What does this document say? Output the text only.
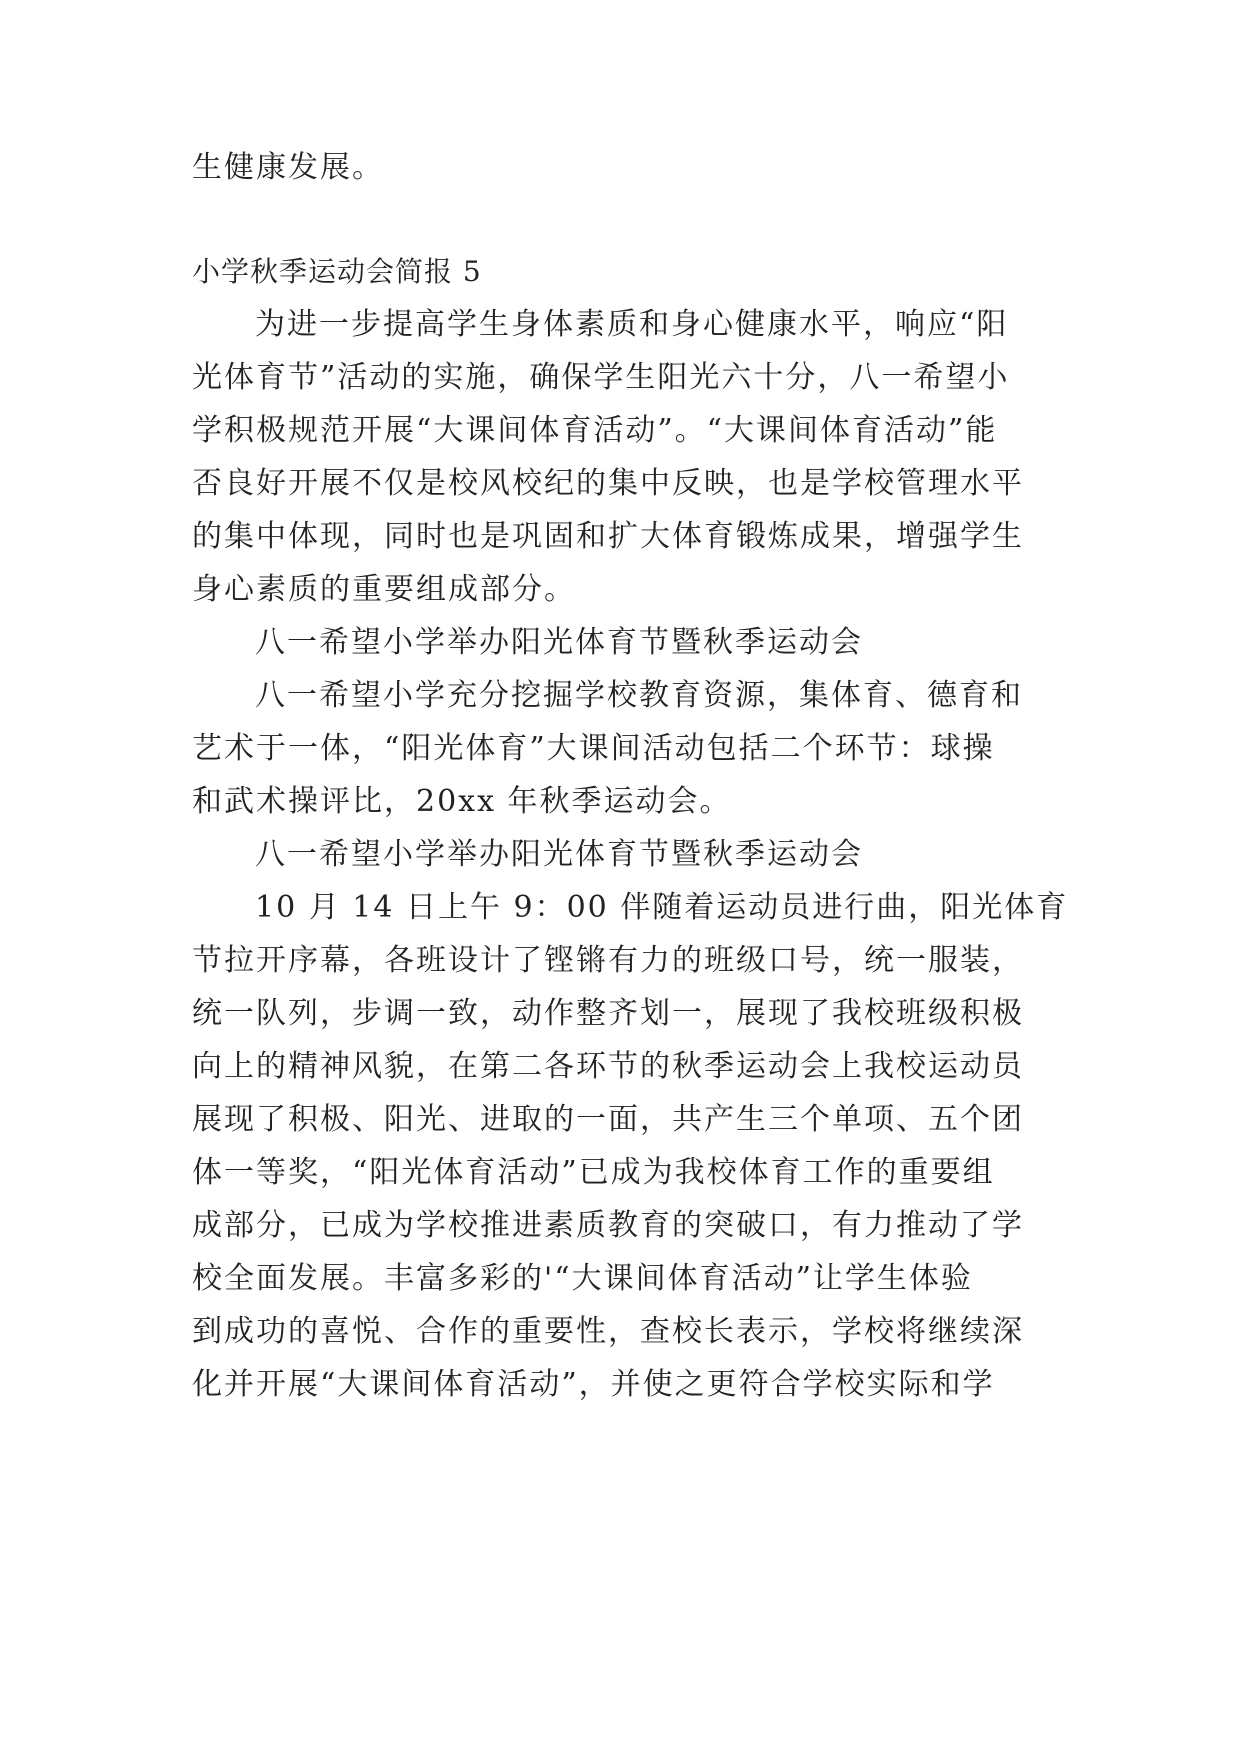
生健康发展。
小学秋季运动会简报 5
为进一步提高学生身体素质和身心健康水平，响应“阳
光体育节”活动的实施，确保学生阳光六十分，八一希望小
学积极规范开展“大课间体育活动”。“大课间体育活动”能
否良好开展不仅是校风校纪的集中反映，也是学校管理水平
的集中体现，同时也是巩固和扩大体育锻炼成果，增强学生
身心素质的重要组成部分。
八一希望小学举办阳光体育节暨秋季运动会
八一希望小学充分挖掘学校教育资源，集体育、德育和
艺术于一体，“阳光体育”大课间活动包括二个环节：球操
和武术操评比，20xx 年秋季运动会。
八一希望小学举办阳光体育节暨秋季运动会
10 月 14 日上午 9：00 伴随着运动员进行曲，阳光体育
节拉开序幕，各班设计了铿锵有力的班级口号，统一服装，
统一队列，步调一致，动作整齐划一，展现了我校班级积极
向上的精神风貌，在第二各环节的秋季运动会上我校运动员
展现了积极、阳光、进取的一面，共产生三个单项、五个团
体一等奖，“阳光体育活动”已成为我校体育工作的重要组
成部分，已成为学校推进素质教育的突破口，有力推动了学
校全面发展。丰富多彩的'“大课间体育活动”让学生体验
到成功的喜悦、合作的重要性，查校长表示，学校将继续深
化并开展“大课间体育活动”，并使之更符合学校实际和学
